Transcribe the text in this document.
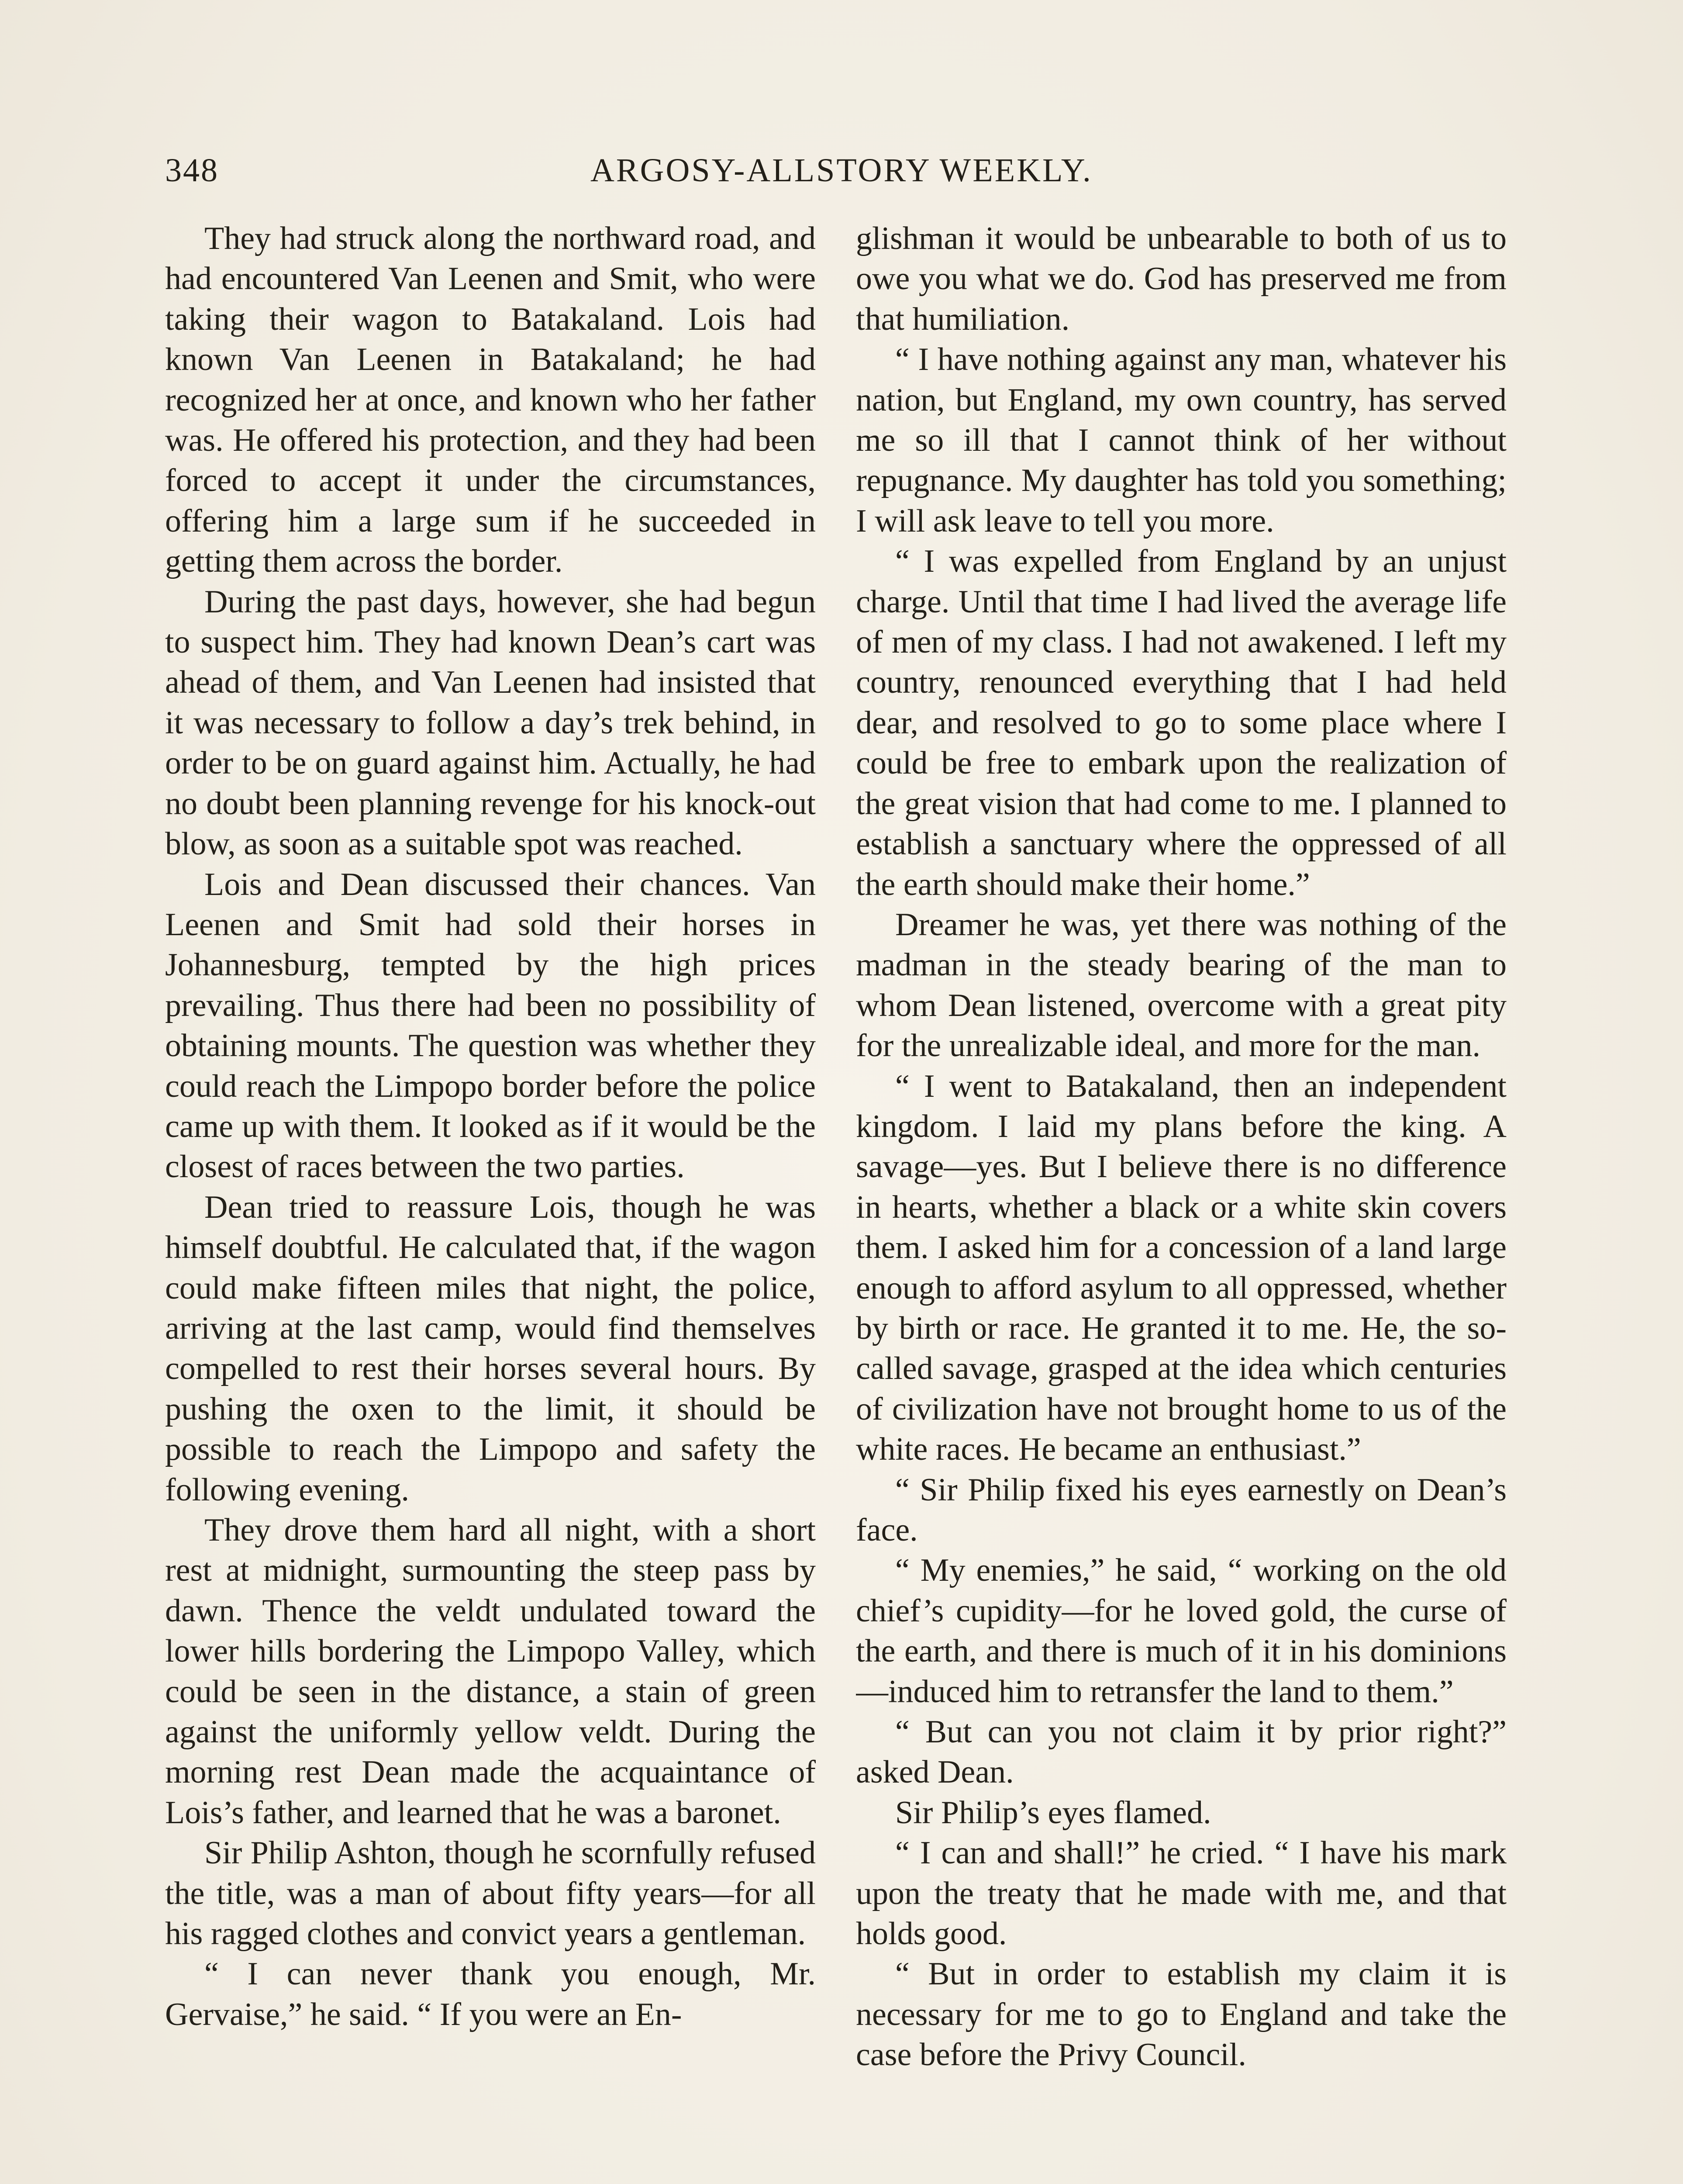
348	ARGOSY-ALLSTORY WEEKLY.

They had struck along the northward road, and had encountered Van Leenen and Smit, who were taking their wagon to Batakaland. Lois had known Van Leenen in Batakaland; he had recognized her at once, and known who her father was. He offered his protection, and they had been forced to accept it under the circumstances, offering him a large sum if he succeeded in getting them across the border.

During the past days, however, she had begun to suspect him. They had known Dean’s cart was ahead of them, and Van Leenen had insisted that it was necessary to follow a day’s trek behind, in order to be on guard against him. Actually, he had no doubt been planning revenge for his knock-out blow, as soon as a suitable spot was reached.

Lois and Dean discussed their chances. Van Leenen and Smit had sold their horses in Johannesburg, tempted by the high prices prevailing. Thus there had been no possibility of obtaining mounts. The question was whether they could reach the Limpopo border before the police came up with them. It looked as if it would be the closest of races between the two parties.

Dean tried to reassure Lois, though he was himself doubtful. He calculated that, if the wagon could make fifteen miles that night, the police, arriving at the last camp, would find themselves compelled to rest their horses several hours. By pushing the oxen to the limit, it should be possible to reach the Limpopo and safety the following evening.

They drove them hard all night, with a short rest at midnight, surmounting the steep pass by dawn. Thence the veldt undulated toward the lower hills bordering the Limpopo Valley, which could be seen in the distance, a stain of green against the uniformly yellow veldt. During the morning rest Dean made the acquaintance of Lois’s father, and learned that he was a baronet.

Sir Philip Ashton, though he scornfully refused the title, was a man of about fifty years—for all his ragged clothes and convict years a gentleman.

“ I can never thank you enough, Mr. Gervaise,” he said. “ If you were an En-

glishman it would be unbearable to both of us to owe you what we do. God has preserved me from that humiliation.

“ I have nothing against any man, whatever his nation, but England, my own country, has served me so ill that I cannot think of her without repugnance. My daughter has told you something; I will ask leave to tell you more.

“ I was expelled from England by an unjust charge. Until that time I had lived the average life of men of my class. I had not awakened. I left my country, renounced everything that I had held dear, and resolved to go to some place where I could be free to embark upon the realization of the great vision that had come to me. I planned to establish a sanctuary where the oppressed of all the earth should make their home.”

Dreamer he was, yet there was nothing of the madman in the steady bearing of the man to whom Dean listened, overcome with a great pity for the unrealizable ideal, and more for the man.

“ I went to Batakaland, then an independent kingdom. I laid my plans before the king. A savage—yes. But I believe there is no difference in hearts, whether a black or a white skin covers them. I asked him for a concession of a land large enough to afford asylum to all oppressed, whether by birth or race. He granted it to me. He, the so-called savage, grasped at the idea which centuries of civilization have not brought home to us of the white races. He became an enthusiast.”

“ Sir Philip fixed his eyes earnestly on Dean’s face.

“ My enemies,” he said, “ working on the old chief’s cupidity—for he loved gold, the curse of the earth, and there is much of it in his dominions—induced him to retransfer the land to them.”

“ But can you not claim it by prior right?” asked Dean.

Sir Philip’s eyes flamed.

“ I can and shall!” he cried. “ I have his mark upon the treaty that he made with me, and that holds good.

“ But in order to establish my claim it is necessary for me to go to England and take the case before the Privy Council.
